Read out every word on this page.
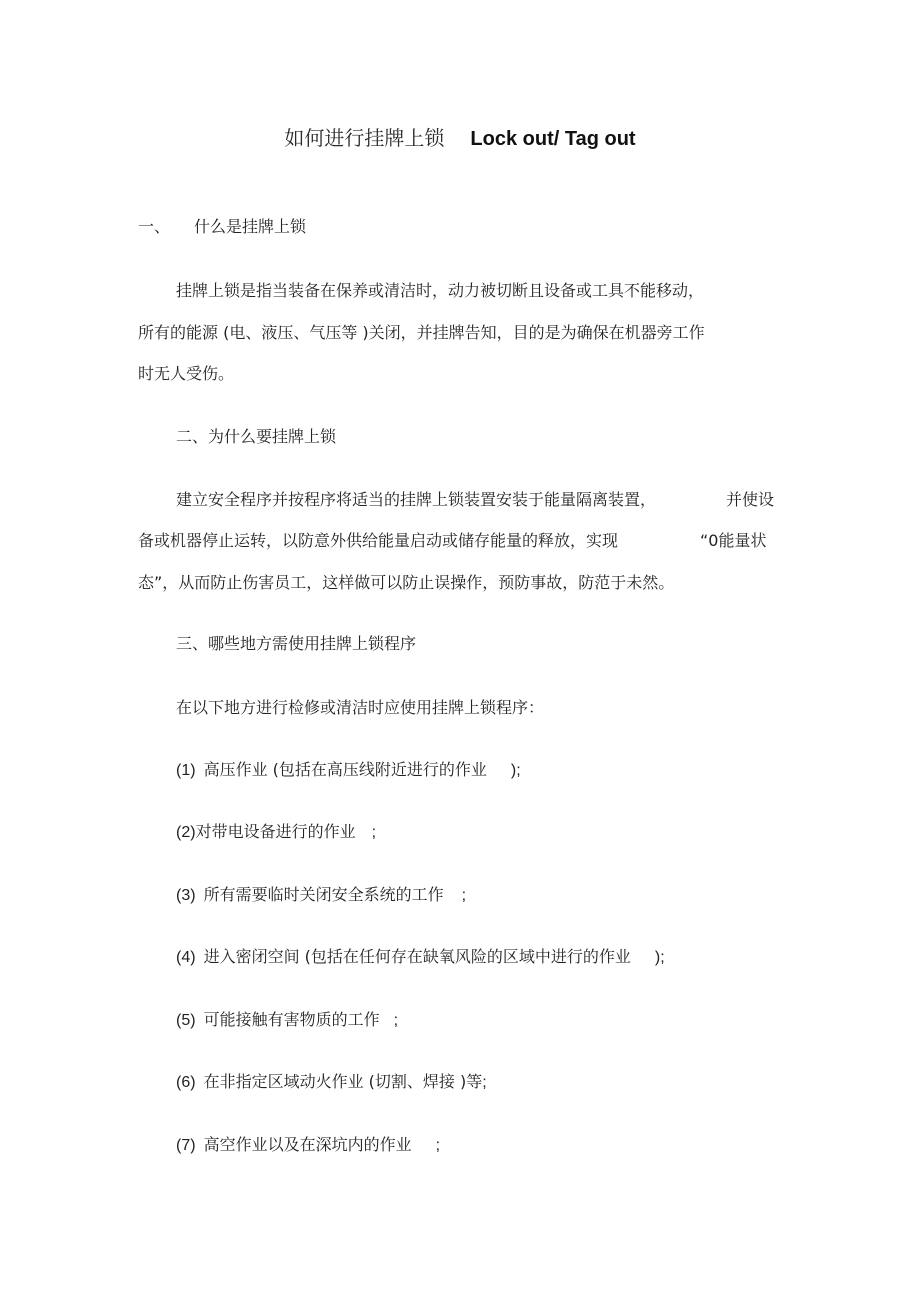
如何进行挂牌上锁 Lock out/ Tag out
一、 什么是挂牌上锁
挂牌上锁是指当装备在保养或清洁时，动力被切断且设备或工具不能移动，
所有的能源 (电、液压、气压等 )关闭，并挂牌告知，目的是为确保在机器旁工作
时无人受伤。
二、为什么要挂牌上锁
建立安全程序并按程序将适当的挂牌上锁装置安装于能量隔离装置，	并使设
备或机器停止运转，以防意外供给能量启动或储存能量的释放，实现	“0能量状
态”，从而防止伤害员工，这样做可以防止误操作，预防事故，防范于未然。
三、哪些地方需使用挂牌上锁程序
在以下地方进行检修或清洁时应使用挂牌上锁程序：
(1) 高压作业 (包括在高压线附近进行的作业 );
(2)对带电设备进行的作业 ;
(3) 所有需要临时关闭安全系统的工作 ;
(4) 进入密闭空间 (包括在任何存在缺氧风险的区域中进行的作业 );
(5) 可能接触有害物质的工作 ;
(6) 在非指定区域动火作业 (切割、焊接 )等;
(7) 高空作业以及在深坑内的作业 ;
